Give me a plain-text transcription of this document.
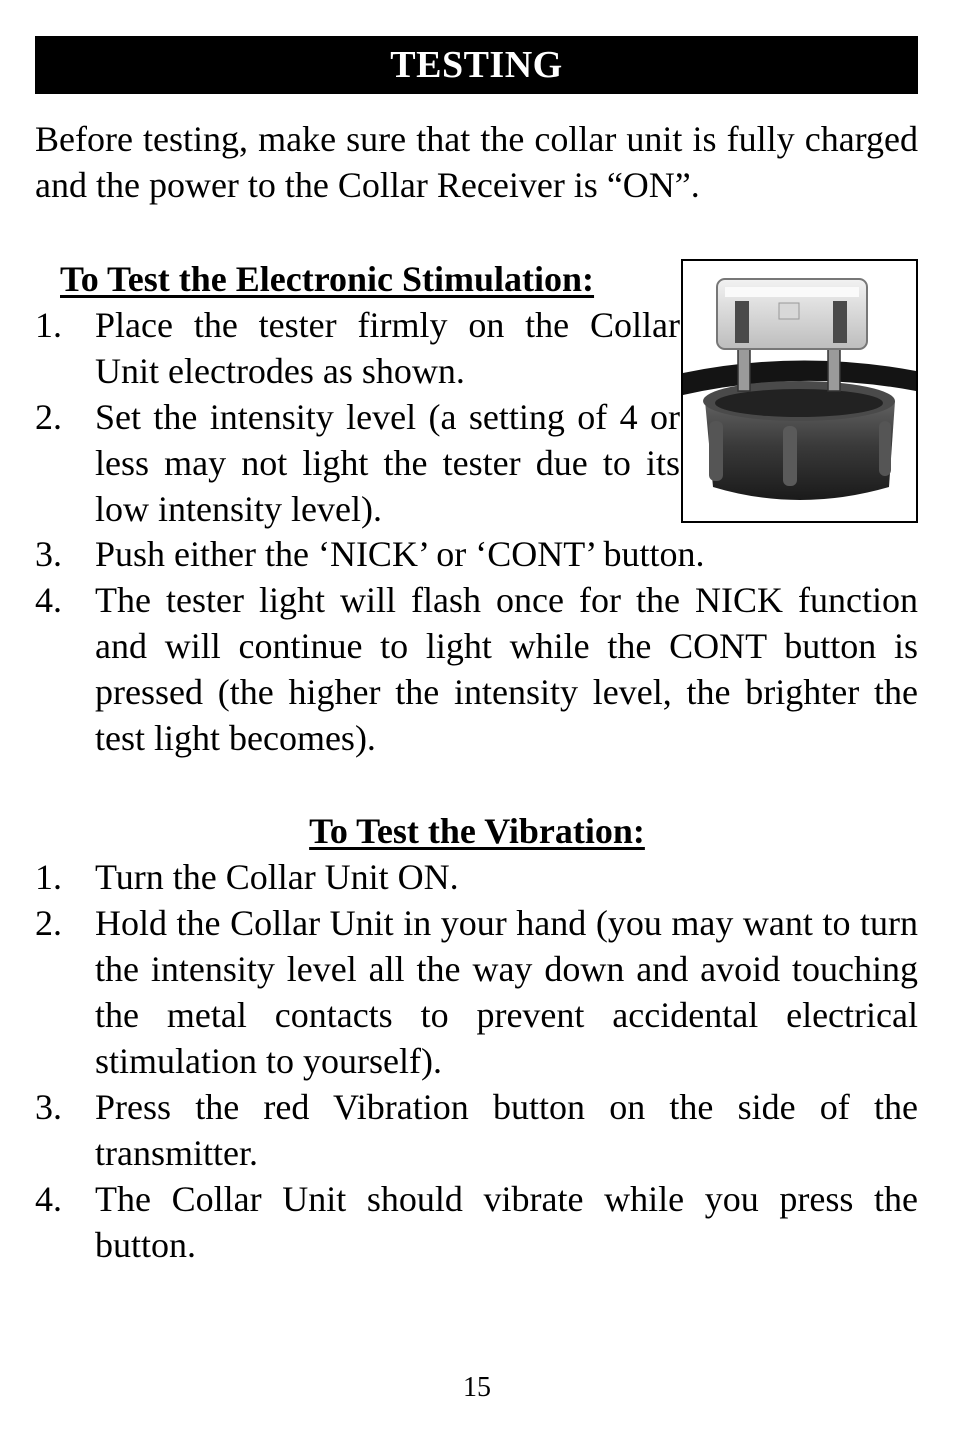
TESTING
Before testing, make sure that the collar unit is fully charged and the power to the Collar Receiver is “ON”.
To Test the Electronic Stimulation:
1. Place the tester firmly on the Collar Unit electrodes as shown.
2. Set the intensity level (a setting of 4 or less may not light the tester due to its low intensity level).
3. Push either the ‘NICK’ or ‘CONT’ button.
4. The tester light will flash once for the NICK function and will continue to light while the CONT button is pressed (the higher the intensity level, the brighter the test light becomes).
To Test the Vibration:
1. Turn the Collar Unit ON.
2. Hold the Collar Unit in your hand (you may want to turn the intensity level all the way down and avoid touching the metal contacts to prevent accidental electrical stimulation to yourself).
3. Press the red Vibration button on the side of the transmitter.
4. The Collar Unit should vibrate while you press the button.
15
